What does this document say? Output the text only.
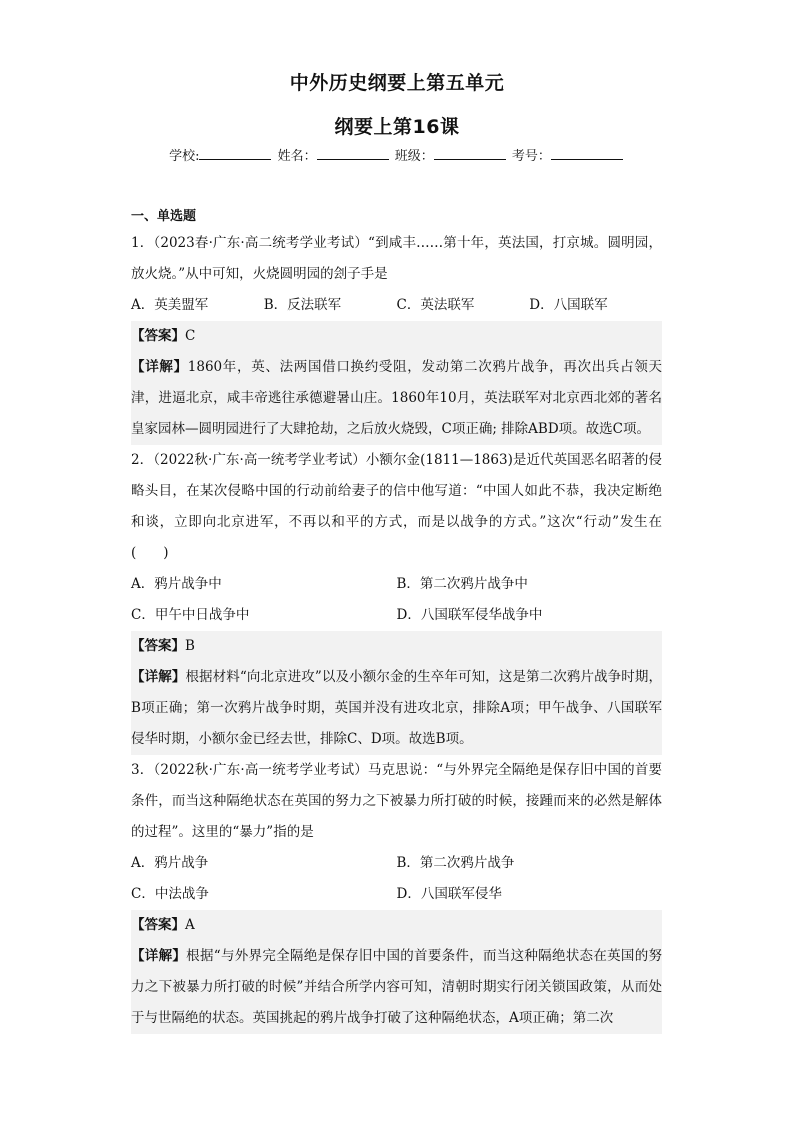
中外历史纲要上第五单元
纲要上第16课
学校:	姓名：	班级：	考号：
一、单选题
1．（2023春·广东·高二统考学业考试）“到咸丰……第十年，英法国，打京城。圆明园，放火烧。”从中可知，火烧圆明园的刽子手是
A．英美盟军	B．反法联军	C．英法联军	D．八国联军
【答案】C
【详解】1860年，英、法两国借口换约受阻，发动第二次鸦片战争，再次出兵占领天津，进逼北京，咸丰帝逃往承德避暑山庄。1860年10月，英法联军对北京西北郊的著名皇家园林—圆明园进行了大肆抢劫，之后放火烧毁，C项正确; 排除ABD项。故选C项。
2．（2022秋·广东·高一统考学业考试）小额尔金(1811—1863)是近代英国恶名昭著的侵略头目，在某次侵略中国的行动前给妻子的信中他写道：“中国人如此不恭，我决定断绝和谈，立即向北京进军，不再以和平的方式，而是以战争的方式。”这次“行动”发生在(　　)
A．鸦片战争中	B．第二次鸦片战争中
C．甲午中日战争中	D．八国联军侵华战争中
【答案】B
【详解】根据材料“向北京进攻”以及小额尔金的生卒年可知，这是第二次鸦片战争时期，B项正确；第一次鸦片战争时期，英国并没有进攻北京，排除A项；甲午战争、八国联军侵华时期，小额尔金已经去世，排除C、D项。故选B项。
3．（2022秋·广东·高一统考学业考试）马克思说：“与外界完全隔绝是保存旧中国的首要条件，而当这种隔绝状态在英国的努力之下被暴力所打破的时候，接踵而来的必然是解体的过程”。这里的“暴力”指的是
A．鸦片战争	B．第二次鸦片战争
C．中法战争	D．八国联军侵华
【答案】A
【详解】根据“与外界完全隔绝是保存旧中国的首要条件，而当这种隔绝状态在英国的努力之下被暴力所打破的时候”并结合所学内容可知，清朝时期实行闭关锁国政策，从而处于与世隔绝的状态。英国挑起的鸦片战争打破了这种隔绝状态，A项正确；第二次
